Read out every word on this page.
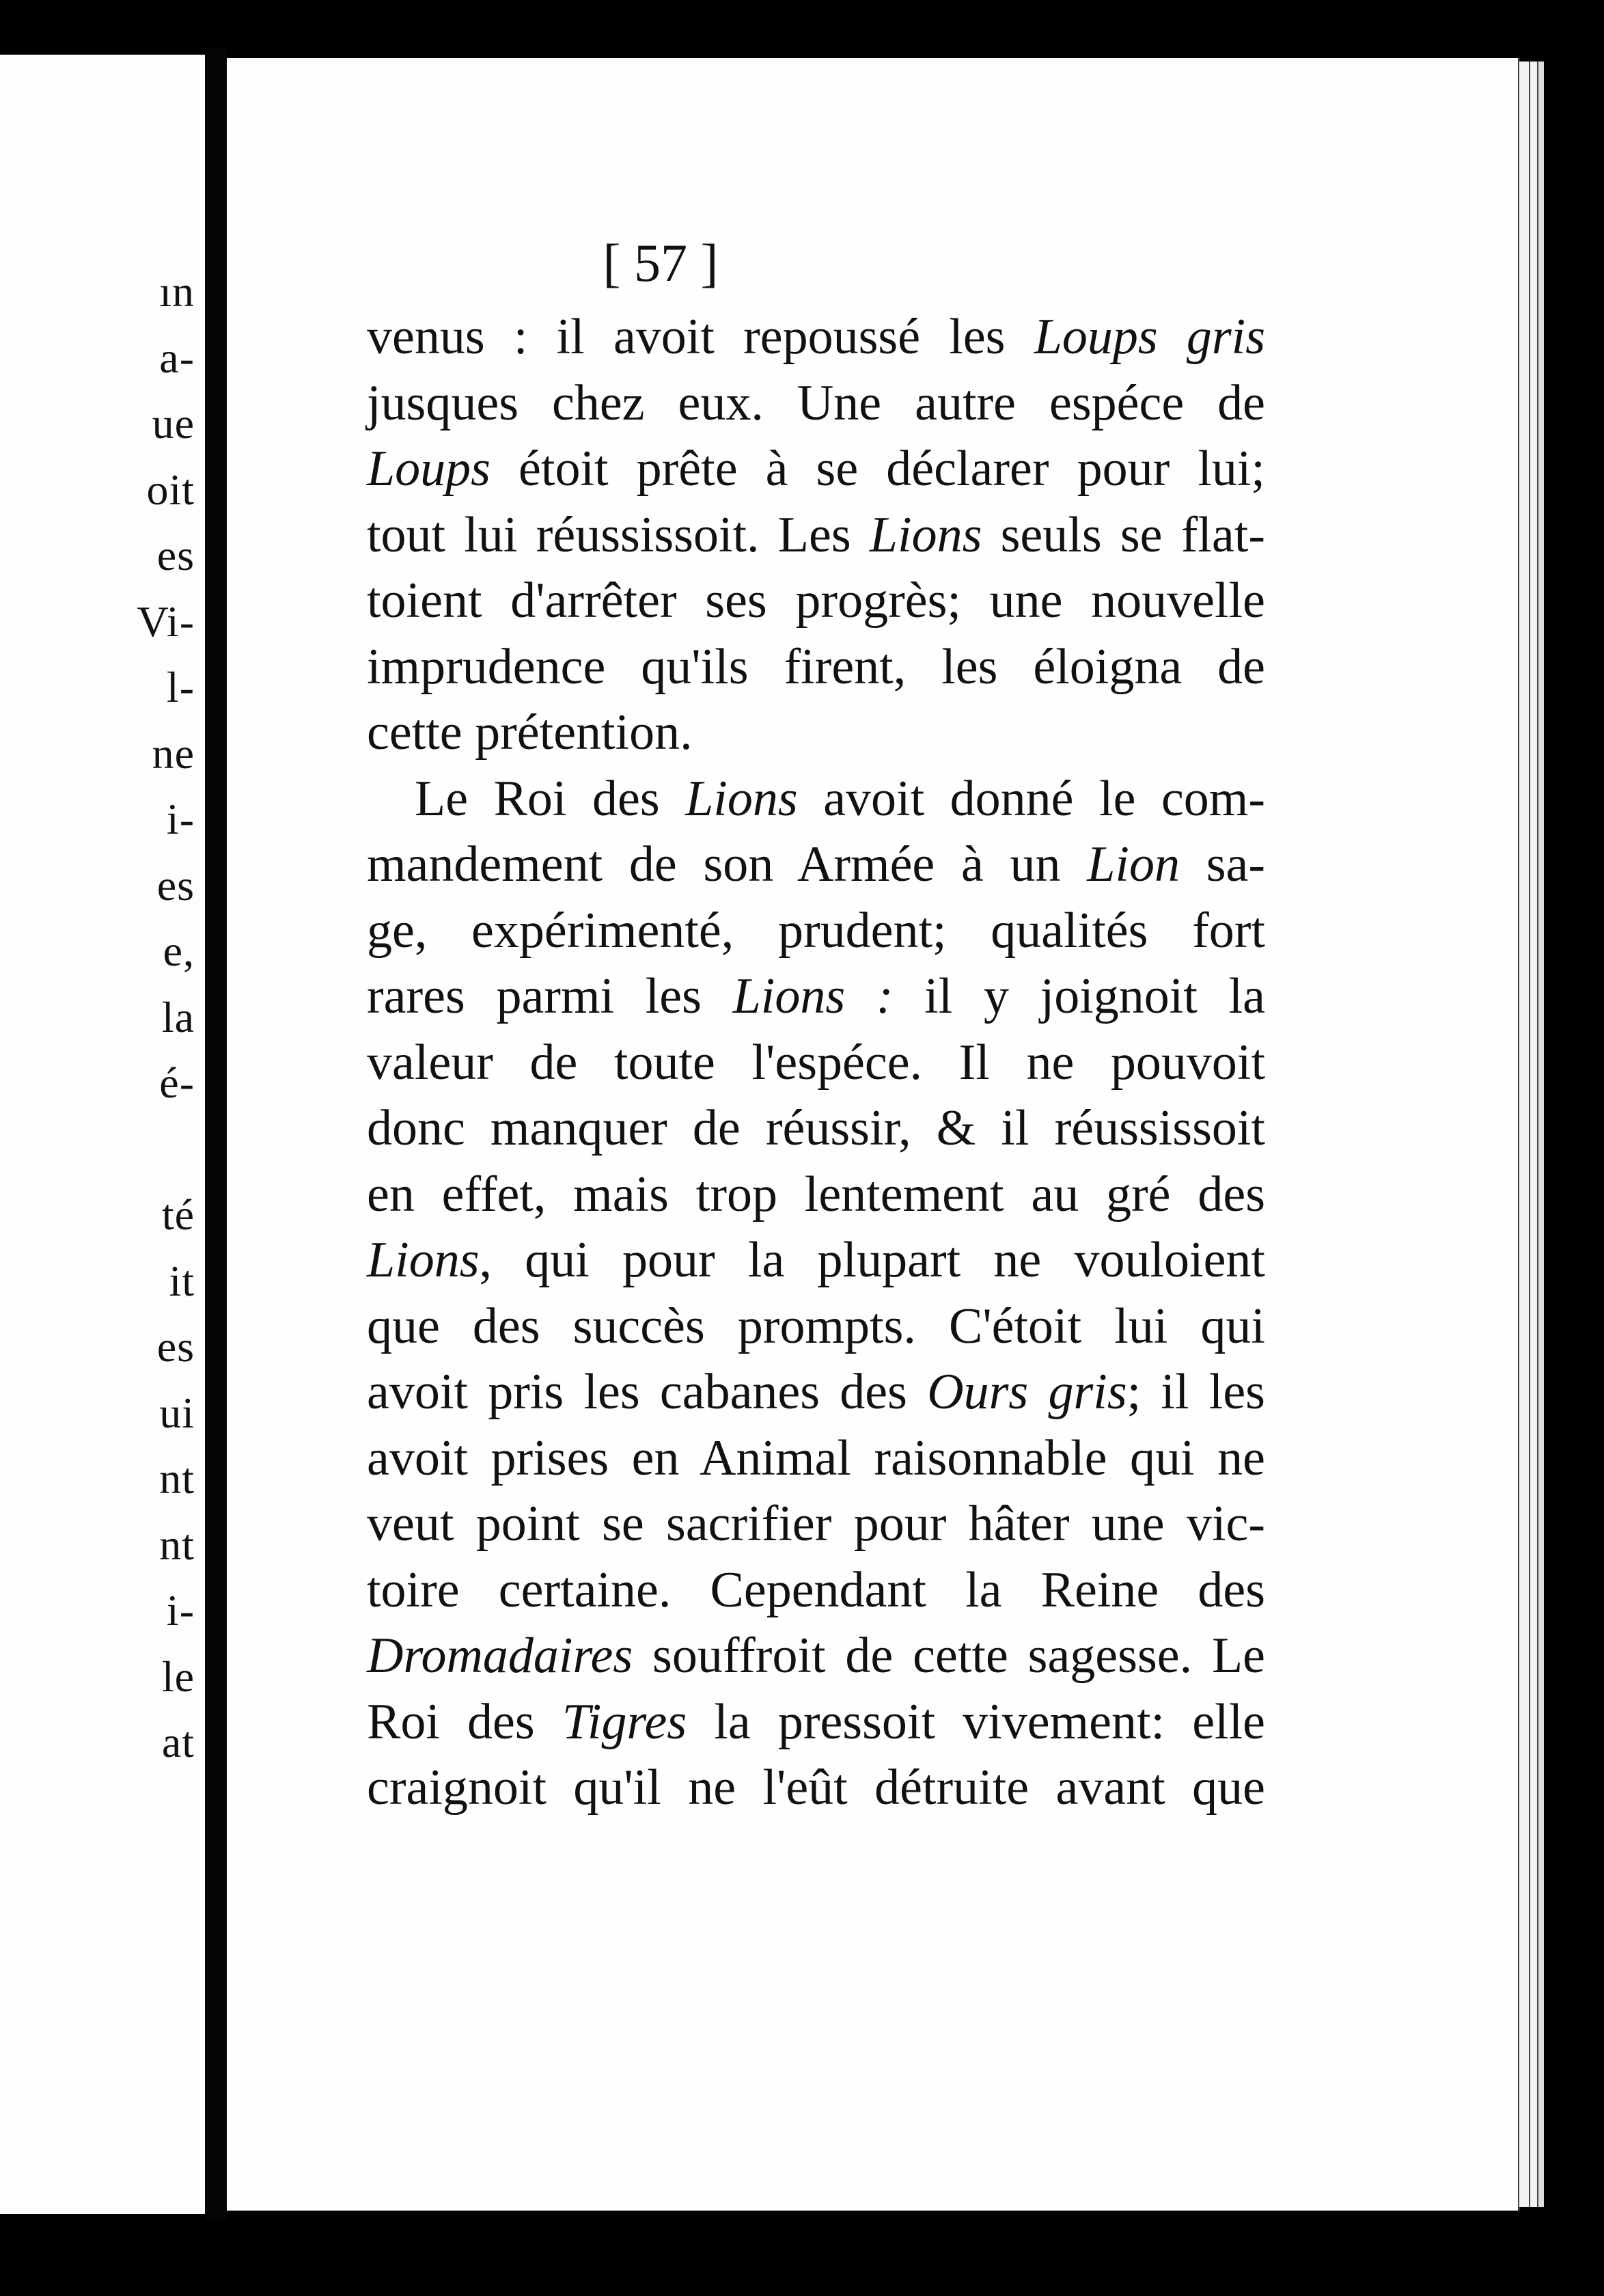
ın
a-
ue
oit
es
Vi-
l-
ne
i-
es
e,
la
é-
té
it
es
ui
nt
nt
i-
le
at
[ 57 ]
venus : il avoit repoussé les Loups gris
jusques chez eux. Une autre espéce de
Loups étoit prête à se déclarer pour lui;
tout lui réussissoit. Les Lions seuls se flat-
toient d'arrêter ses progrès; une nouvelle
imprudence qu'ils firent, les éloigna de
cette prétention.
Le Roi des Lions avoit donné le com-
mandement de son Armée à un Lion sa-
ge, expérimenté, prudent; qualités fort
rares parmi les Lions : il y joignoit la
valeur de toute l'espéce. Il ne pouvoit
donc manquer de réussir, & il réussissoit
en effet, mais trop lentement au gré des
Lions, qui pour la plupart ne vouloient
que des succès prompts. C'étoit lui qui
avoit pris les cabanes des Ours gris; il les
avoit prises en Animal raisonnable qui ne
veut point se sacrifier pour hâter une vic-
toire certaine. Cependant la Reine des
Dromadaires souffroit de cette sagesse. Le
Roi des Tigres la pressoit vivement: elle
craignoit qu'il ne l'eût détruite avant que
